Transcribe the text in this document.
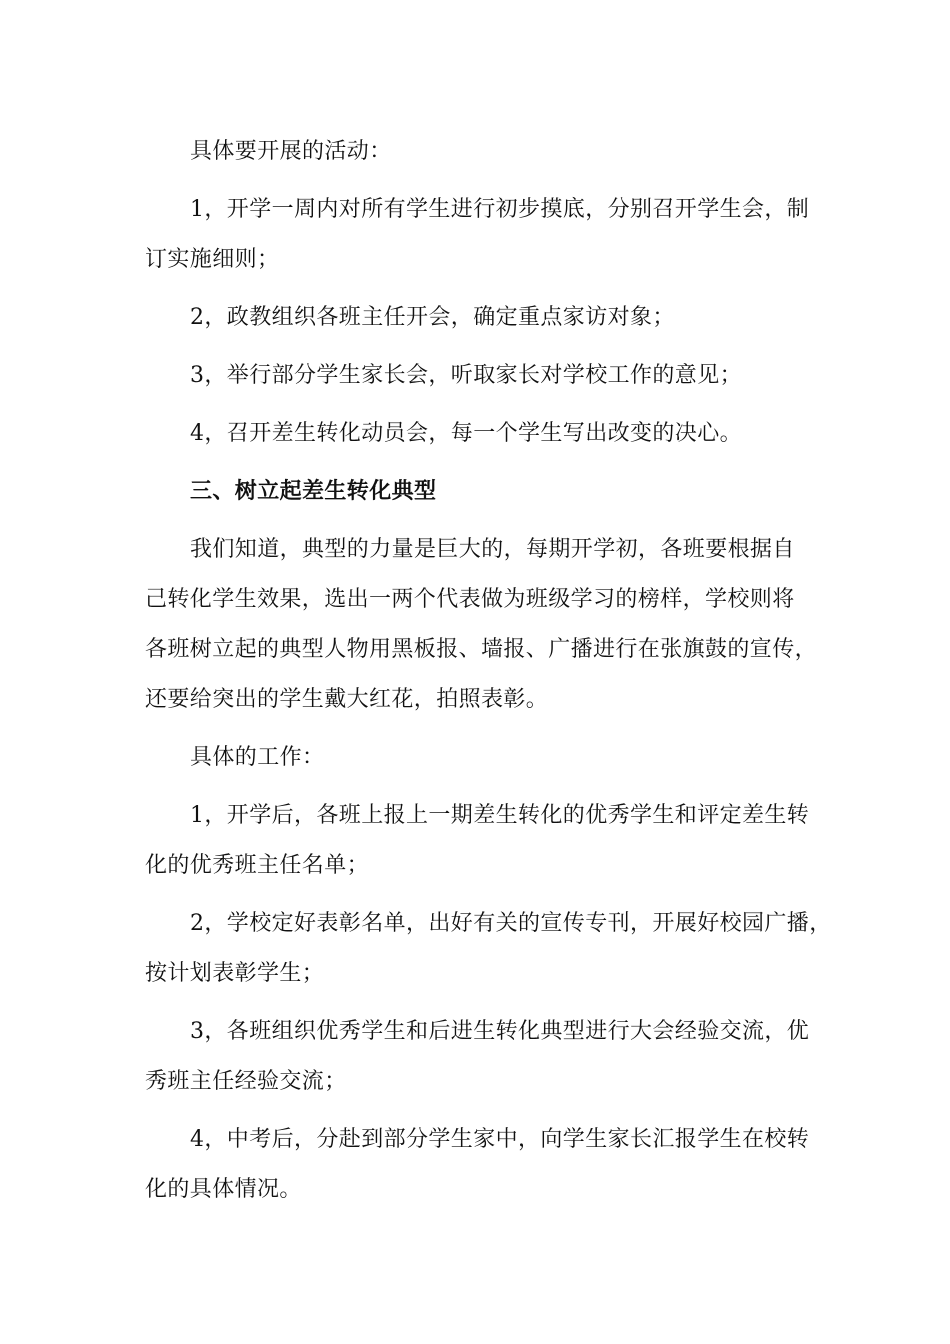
具体要开展的活动：
1，开学一周内对所有学生进行初步摸底，分别召开学生会，制
订实施细则；
2，政教组织各班主任开会，确定重点家访对象；
3，举行部分学生家长会，听取家长对学校工作的意见；
4，召开差生转化动员会，每一个学生写出改变的决心。
三、树立起差生转化典型
我们知道，典型的力量是巨大的，每期开学初，各班要根据自
己转化学生效果，选出一两个代表做为班级学习的榜样，学校则将
各班树立起的典型人物用黑板报、墙报、广播进行在张旗鼓的宣传，
还要给突出的学生戴大红花，拍照表彰。
具体的工作：
1，开学后，各班上报上一期差生转化的优秀学生和评定差生转
化的优秀班主任名单；
2，学校定好表彰名单，出好有关的宣传专刊，开展好校园广播，
按计划表彰学生；
3，各班组织优秀学生和后进生转化典型进行大会经验交流，优
秀班主任经验交流；
4，中考后，分赴到部分学生家中，向学生家长汇报学生在校转
化的具体情况。
